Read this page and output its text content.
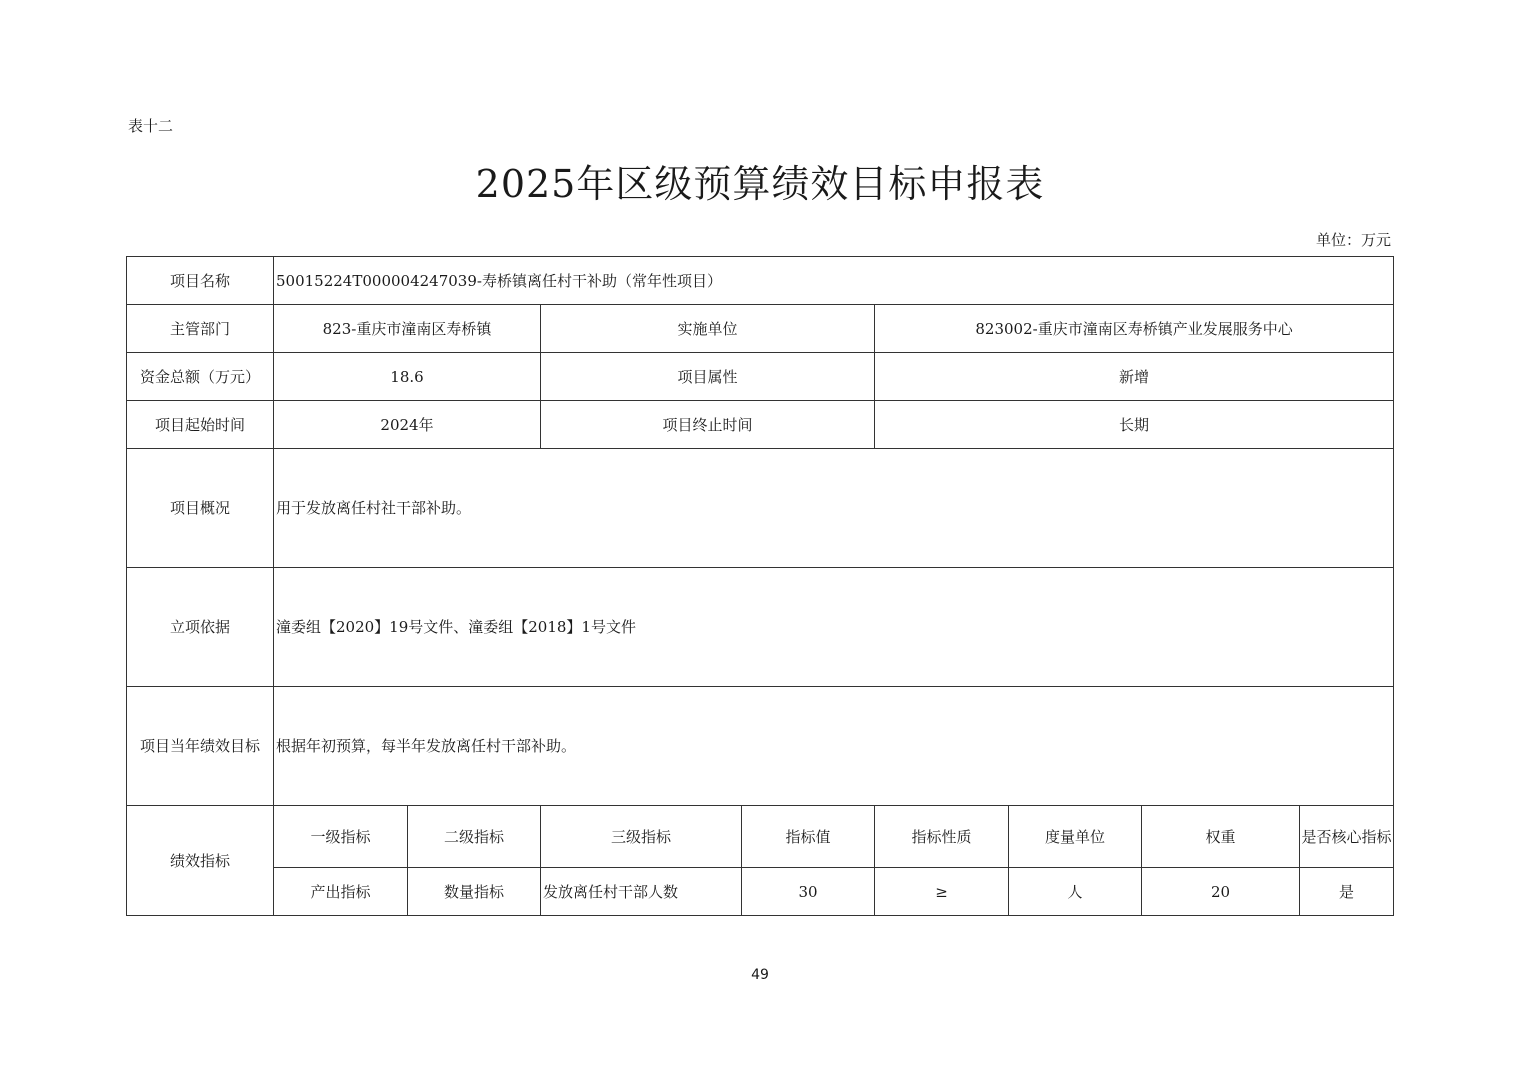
表十二
2025年区级预算绩效目标申报表
单位：万元
项目名称	50015224T000004247039-寿桥镇离任村干补助（常年性项目）							
主管部门	823-重庆市潼南区寿桥镇		实施单位		823002-重庆市潼南区寿桥镇产业发展服务中心			
资金总额（万元）	18.6		项目属性		新增			
项目起始时间	2024年		项目终止时间		长期			
项目概况	用于发放离任村社干部补助。							
立项依据	潼委组【2020】19号文件、潼委组【2018】1号文件							
项目当年绩效目标	根据年初预算，每半年发放离任村干部补助。							
绩效指标	一级指标	二级指标	三级指标	指标值	指标性质	度量单位	权重	是否核心指标
	产出指标	数量指标	发放离任村干部人数	30	≥	人	20	是
49
